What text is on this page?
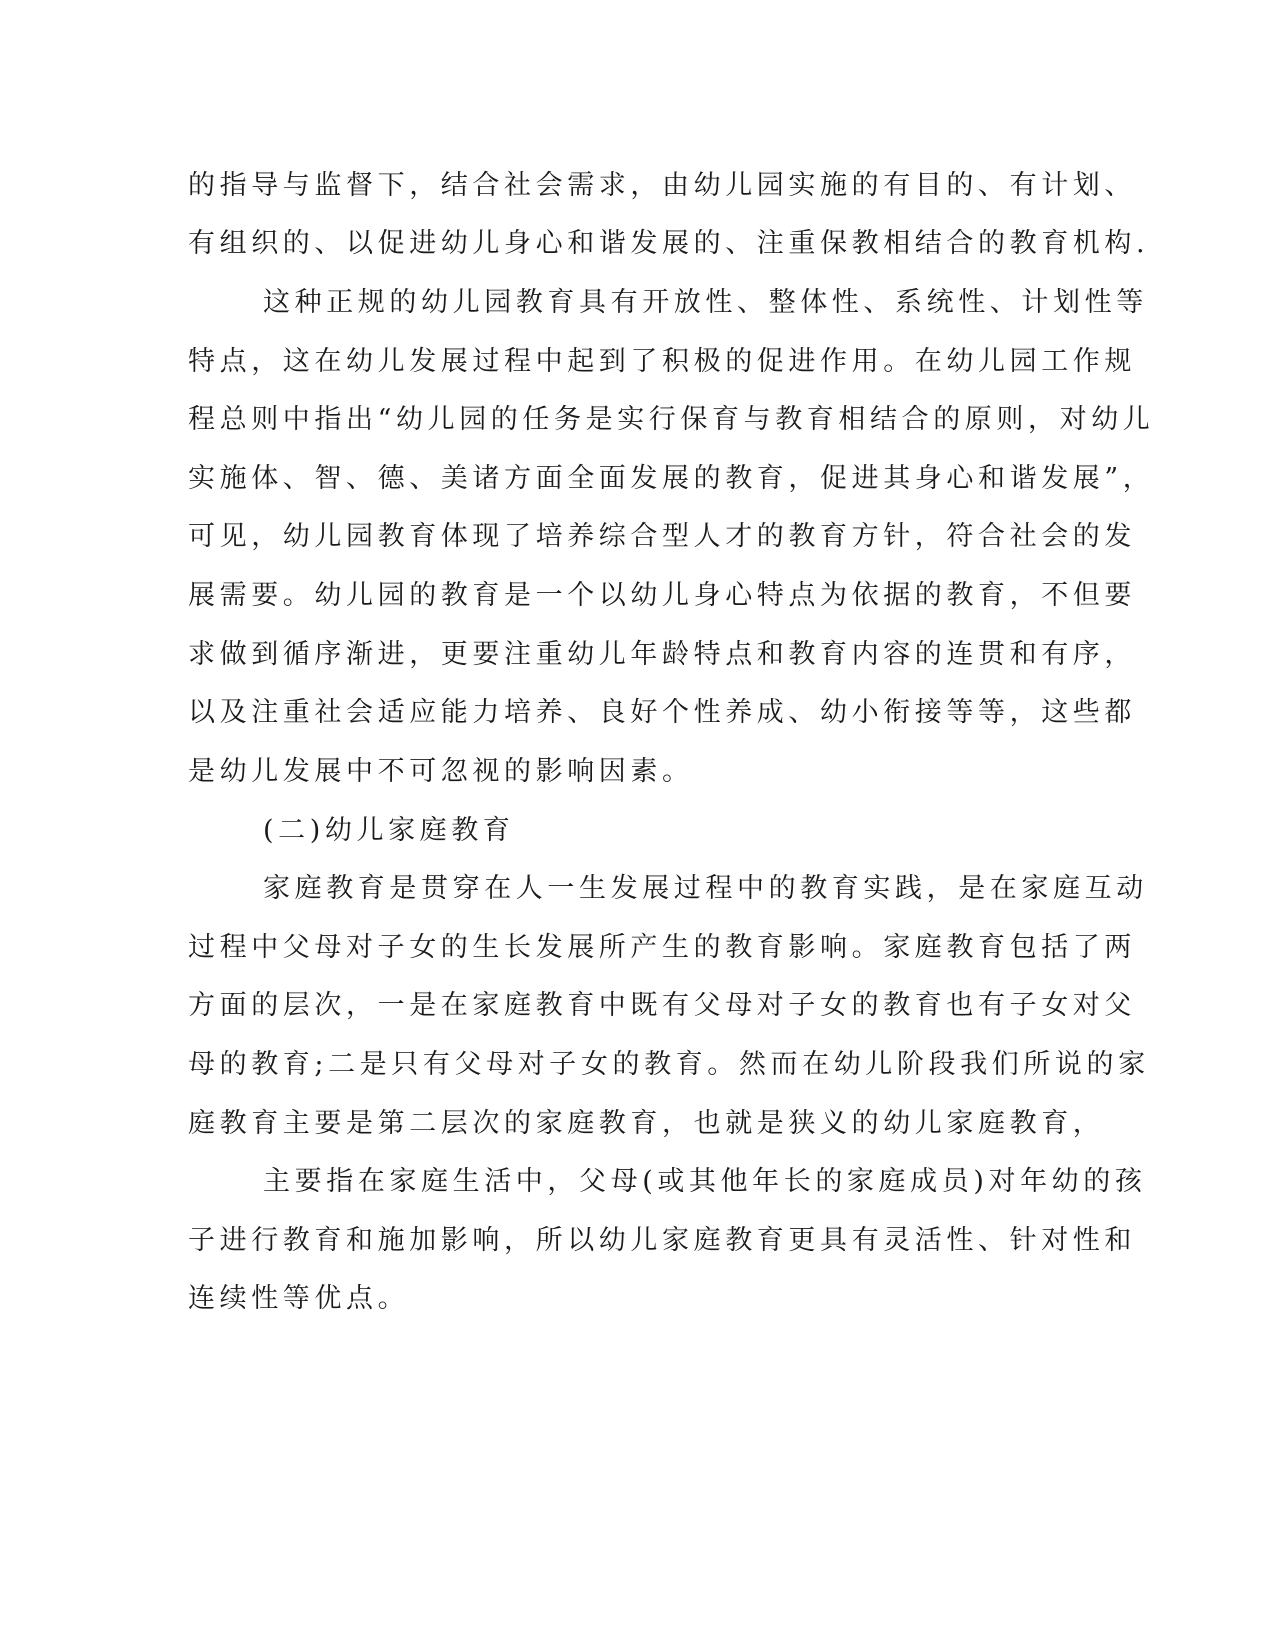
的指导与监督下，结合社会需求，由幼儿园实施的有目的、有计划、

有组织的、以促进幼儿身心和谐发展的、注重保教相结合的教育机构.

这种正规的幼儿园教育具有开放性、整体性、系统性、计划性等

特点，这在幼儿发展过程中起到了积极的促进作用。在幼儿园工作规

程总则中指出“幼儿园的任务是实行保育与教育相结合的原则，对幼儿

实施体、智、德、美诸方面全面发展的教育，促进其身心和谐发展”，

可见，幼儿园教育体现了培养综合型人才的教育方针，符合社会的发

展需要。幼儿园的教育是一个以幼儿身心特点为依据的教育，不但要

求做到循序渐进，更要注重幼儿年龄特点和教育内容的连贯和有序，

以及注重社会适应能力培养、良好个性养成、幼小衔接等等，这些都

是幼儿发展中不可忽视的影响因素。

(二)幼儿家庭教育

家庭教育是贯穿在人一生发展过程中的教育实践，是在家庭互动

过程中父母对子女的生长发展所产生的教育影响。家庭教育包括了两

方面的层次，一是在家庭教育中既有父母对子女的教育也有子女对父

母的教育;二是只有父母对子女的教育。然而在幼儿阶段我们所说的家

庭教育主要是第二层次的家庭教育，也就是狭义的幼儿家庭教育，

主要指在家庭生活中，父母(或其他年长的家庭成员)对年幼的孩

子进行教育和施加影响，所以幼儿家庭教育更具有灵活性、针对性和

连续性等优点。
